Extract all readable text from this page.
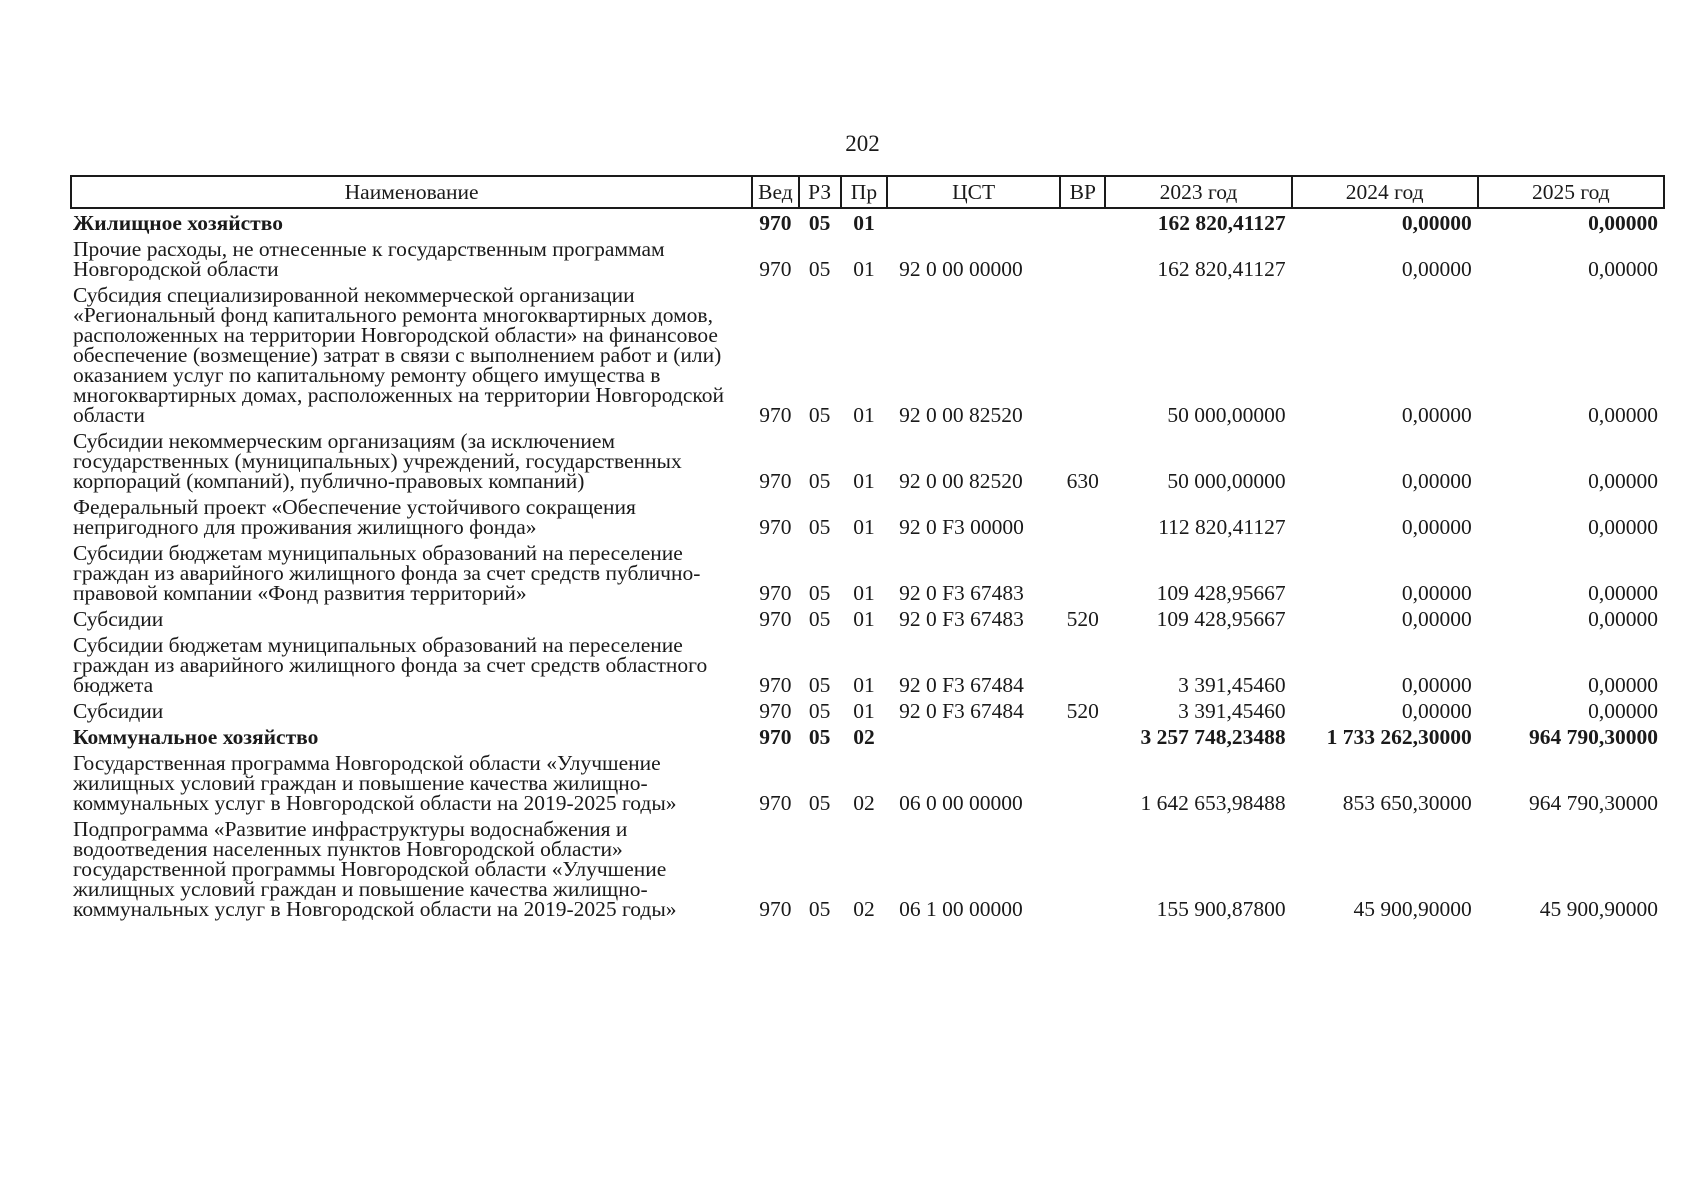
202
Наименование	Вед	РЗ	Пр	ЦСТ	ВР	2023 год	2024 год	2025 год
Жилищное хозяйство	970	05	01			162 820,41127	0,00000	0,00000
Прочие расходы, не отнесенные к государственным программам Новгородской области	970	05	01	92 0 00 00000		162 820,41127	0,00000	0,00000
Субсидия специализированной некоммерческой организации «Региональный фонд капитального ремонта многоквартирных домов, расположенных на территории Новгородской области» на финансовое обеспечение (возмещение) затрат в связи с выполнением работ и (или) оказанием услуг по капитальному ремонту общего имущества в многоквартирных домах, расположенных на территории Новгородской области	970	05	01	92 0 00 82520		50 000,00000	0,00000	0,00000
Субсидии некоммерческим организациям (за исключением государственных (муниципальных) учреждений, государственных корпораций (компаний), публично-правовых компаний)	970	05	01	92 0 00 82520	630	50 000,00000	0,00000	0,00000
Федеральный проект «Обеспечение устойчивого сокращения непригодного для проживания жилищного фонда»	970	05	01	92 0 F3 00000		112 820,41127	0,00000	0,00000
Субсидии бюджетам муниципальных образований на переселение граждан из аварийного жилищного фонда за счет средств публично-правовой компании «Фонд развития территорий»	970	05	01	92 0 F3 67483		109 428,95667	0,00000	0,00000
Субсидии	970	05	01	92 0 F3 67483	520	109 428,95667	0,00000	0,00000
Субсидии бюджетам муниципальных образований на переселение граждан из аварийного жилищного фонда за счет средств областного бюджета	970	05	01	92 0 F3 67484		3 391,45460	0,00000	0,00000
Субсидии	970	05	01	92 0 F3 67484	520	3 391,45460	0,00000	0,00000
Коммунальное хозяйство	970	05	02			3 257 748,23488	1 733 262,30000	964 790,30000
Государственная программа Новгородской области «Улучшение жилищных условий граждан и повышение качества жилищно-коммунальных услуг в Новгородской области на 2019-2025 годы»	970	05	02	06 0 00 00000		1 642 653,98488	853 650,30000	964 790,30000
Подпрограмма «Развитие инфраструктуры водоснабжения и водоотведения населенных пунктов Новгородской области» государственной программы Новгородской области «Улучшение жилищных условий граждан и повышение качества жилищно-коммунальных услуг в Новгородской области на 2019-2025 годы»	970	05	02	06 1 00 00000		155 900,87800	45 900,90000	45 900,90000
